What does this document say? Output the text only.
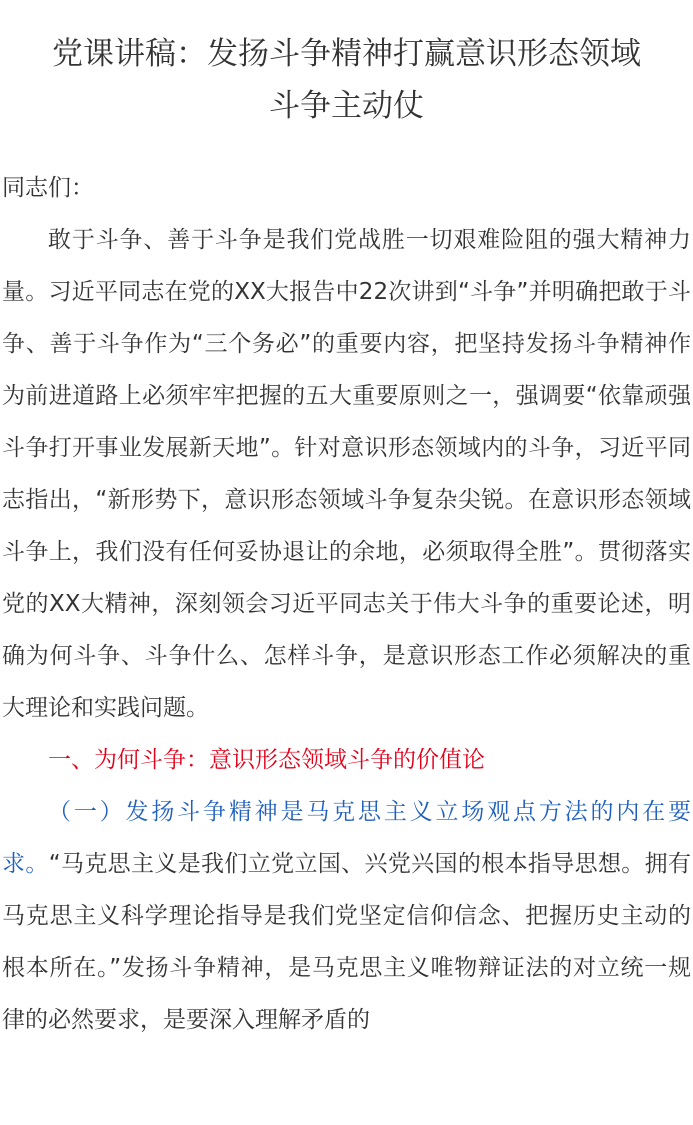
党课讲稿：发扬斗争精神打赢意识形态领域
斗争主动仗

同志们：

敢于斗争、善于斗争是我们党战胜一切艰难险阻的强大精神力量。习近平同志在党的XX大报告中22次讲到“斗争”并明确把敢于斗争、善于斗争作为“三个务必”的重要内容，把坚持发扬斗争精神作为前进道路上必须牢牢把握的五大重要原则之一，强调要“依靠顽强斗争打开事业发展新天地”。针对意识形态领域内的斗争，习近平同志指出，“新形势下，意识形态领域斗争复杂尖锐。在意识形态领域斗争上，我们没有任何妥协退让的余地，必须取得全胜”。贯彻落实党的XX大精神，深刻领会习近平同志关于伟大斗争的重要论述，明确为何斗争、斗争什么、怎样斗争，是意识形态工作必须解决的重大理论和实践问题。

一、为何斗争：意识形态领域斗争的价值论

（一）发扬斗争精神是马克思主义立场观点方法的内在要求。“马克思主义是我们立党立国、兴党兴国的根本指导思想。拥有马克思主义科学理论指导是我们党坚定信仰信念、把握历史主动的根本所在。”发扬斗争精神，是马克思主义唯物辩证法的对立统一规律的必然要求，是要深入理解矛盾的
